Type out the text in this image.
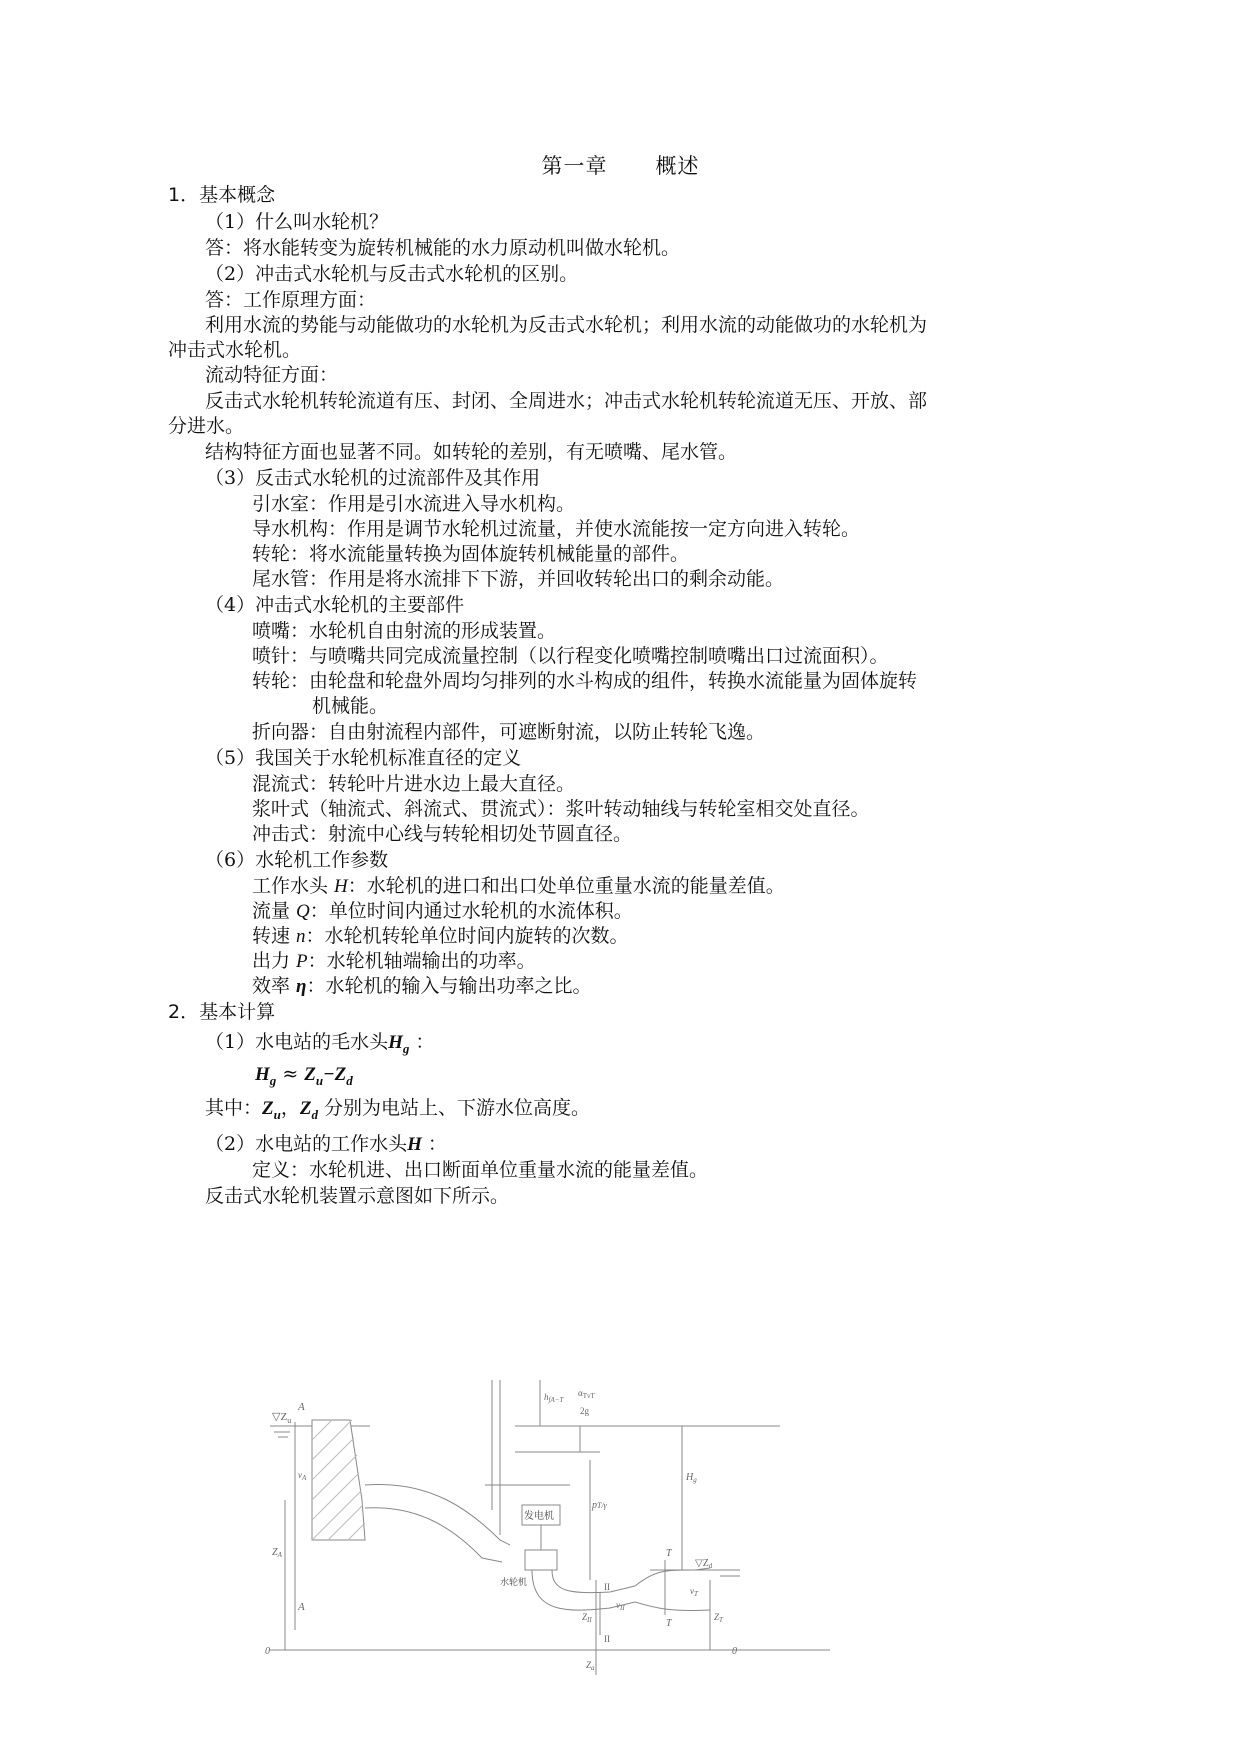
第一章 概述
1．基本概念
（1）什么叫水轮机？
答：将水能转变为旋转机械能的水力原动机叫做水轮机。
（2）冲击式水轮机与反击式水轮机的区别。
答：工作原理方面：
利用水流的势能与动能做功的水轮机为反击式水轮机；利用水流的动能做功的水轮机为
冲击式水轮机。
流动特征方面：
反击式水轮机转轮流道有压、封闭、全周进水；冲击式水轮机转轮流道无压、开放、部
分进水。
结构特征方面也显著不同。如转轮的差别，有无喷嘴、尾水管。
（3）反击式水轮机的过流部件及其作用
引水室：作用是引水流进入导水机构。
导水机构：作用是调节水轮机过流量，并使水流能按一定方向进入转轮。
转轮：将水流能量转换为固体旋转机械能量的部件。
尾水管：作用是将水流排下下游，并回收转轮出口的剩余动能。
（4）冲击式水轮机的主要部件
喷嘴：水轮机自由射流的形成装置。
喷针：与喷嘴共同完成流量控制（以行程变化喷嘴控制喷嘴出口过流面积）。
转轮：由轮盘和轮盘外周均匀排列的水斗构成的组件，转换水流能量为固体旋转
机械能。
折向器：自由射流程内部件，可遮断射流，以防止转轮飞逸。
（5）我国关于水轮机标准直径的定义
混流式：转轮叶片进水边上最大直径。
浆叶式（轴流式、斜流式、贯流式）：浆叶转动轴线与转轮室相交处直径。
冲击式：射流中心线与转轮相切处节圆直径。
（6）水轮机工作参数
工作水头 H：水轮机的进口和出口处单位重量水流的能量差值。
流量 Q：单位时间内通过水轮机的水流体积。
转速 n：水轮机转轮单位时间内旋转的次数。
出力 P：水轮机轴端输出的功率。
效率 η：水轮机的输入与输出功率之比。
2．基本计算
（1）水电站的毛水头$H_g$ ：
$H_g \approx Z_u-Z_d$
其中：$Z_u$，$Z_d$ 分别为电站上、下游水位高度。
（2）水电站的工作水头H ：
定义：水轮机进、出口断面单位重量水流的能量差值。
反击式水轮机装置示意图如下所示。
$▽Z_u$
A
A
$v_A$
$Z_A$
$h_{fA-T}$
$\alpha_{TvT}$
2g
发电机
pT/γ
$H_g$
水轮机
T
T
$▽Z_d$
II
II
$v_{II}$
$v_T$
$Z_{II}$	$Z_T$
0	0
$Z_a$
